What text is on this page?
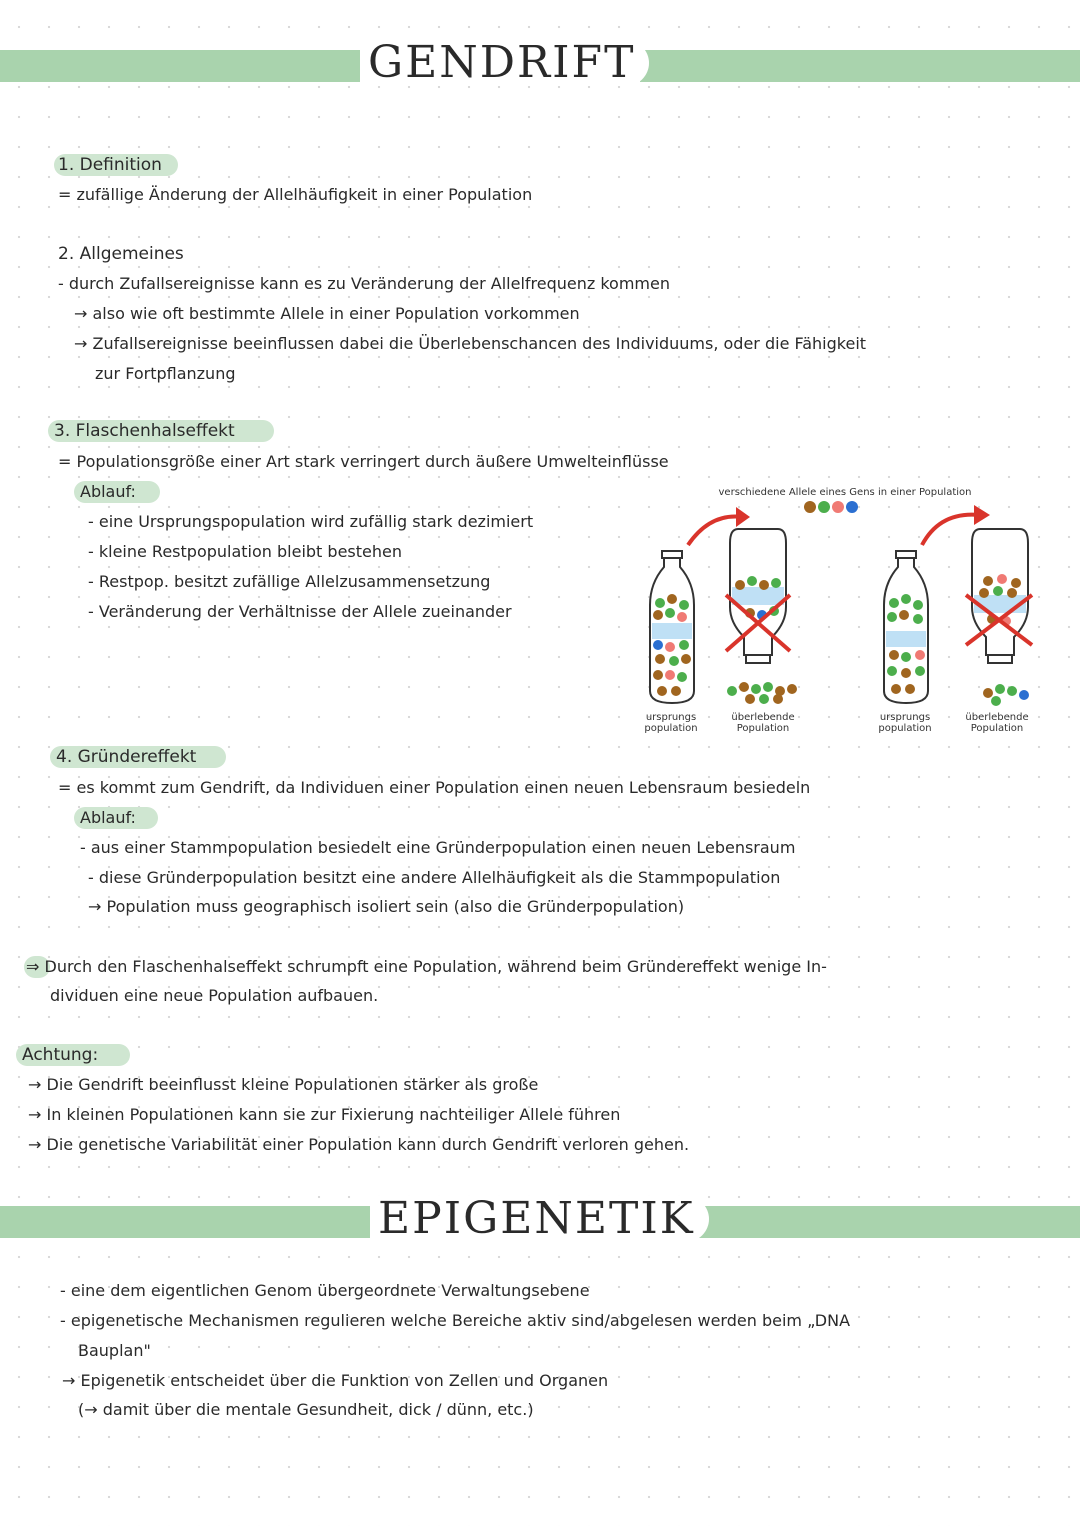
GENDRIFT
1. Definition
= zufällige Änderung der Allelhäufigkeit in einer Population
2. Allgemeines
- durch Zufallsereignisse kann es zu Veränderung der Allelfrequenz kommen
→ also wie oft bestimmte Allele in einer Population vorkommen
→ Zufallsereignisse beeinflussen dabei die Überlebenschancen des Individuums, oder die Fähigkeit
zur Fortpflanzung
3. Flaschenhalseffekt
= Populationsgröße einer Art stark verringert durch äußere Umwelteinflüsse
Ablauf:
- eine Ursprungspopulation wird zufällig stark dezimiert
- kleine Restpopulation bleibt bestehen
- Restpop. besitzt zufällige Allelzusammensetzung
- Veränderung der Verhältnisse der Allele zueinander
verschiedene Allele eines Gens in einer Population
ursprungs population
überlebende Population
ursprungs population
überlebende Population
4. Gründereffekt
= es kommt zum Gendrift, da Individuen einer Population einen neuen Lebensraum besiedeln
Ablauf:
- aus einer Stammpopulation besiedelt eine Gründerpopulation einen neuen Lebensraum
- diese Gründerpopulation besitzt eine andere Allelhäufigkeit als die Stammpopulation
→ Population muss geographisch isoliert sein (also die Gründerpopulation)
⇒ Durch den Flaschenhalseffekt schrumpft eine Population, während beim Gründereffekt wenige In-
dividuen eine neue Population aufbauen.
Achtung:
→ Die Gendrift beeinflusst kleine Populationen stärker als große
→ In kleinen Populationen kann sie zur Fixierung nachteiliger Allele führen
→ Die genetische Variabilität einer Population kann durch Gendrift verloren gehen.
EPIGENETIK
- eine dem eigentlichen Genom übergeordnete Verwaltungsebene
- epigenetische Mechanismen regulieren welche Bereiche aktiv sind/abgelesen werden beim „DNA
Bauplan"
→ Epigenetik entscheidet über die Funktion von Zellen und Organen
(→ damit über die mentale Gesundheit, dick / dünn, etc.)
